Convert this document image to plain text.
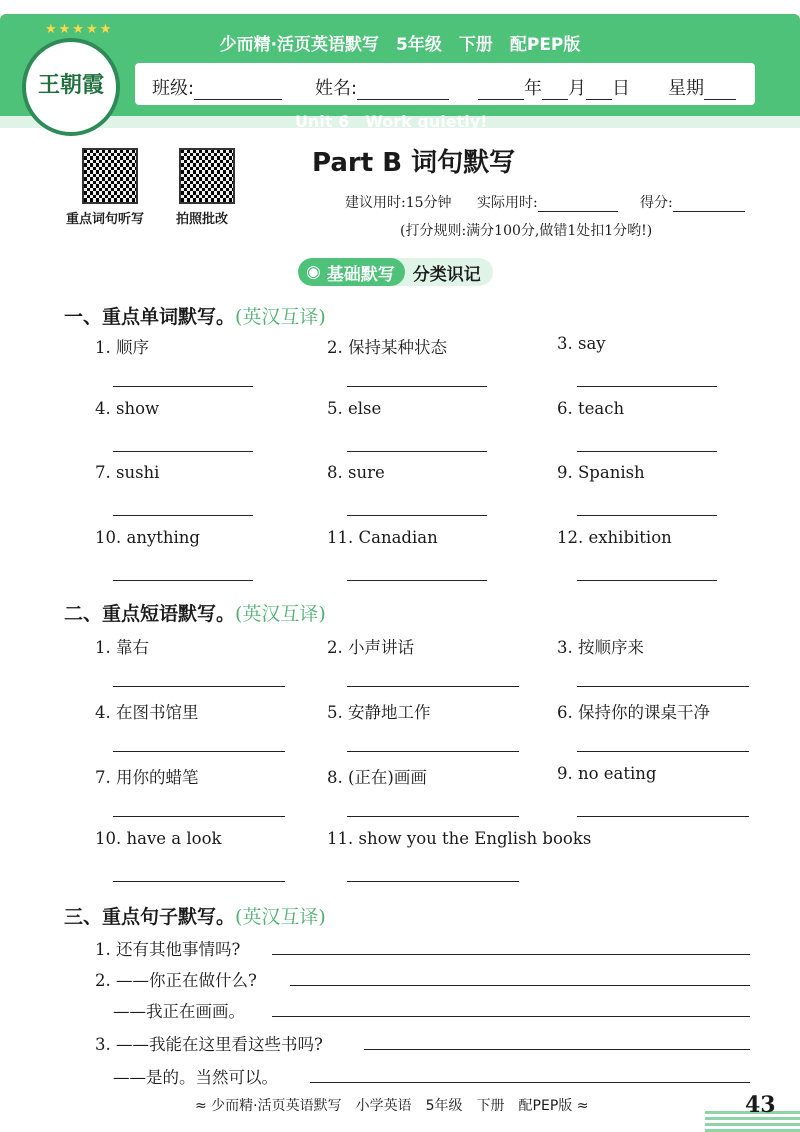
★★★★★
王朝霞
少而精·活页英语默写　5年级　下册　配PEP版
班级:	姓名:	年 月 日 星期
Unit 6　Work quietly!
重点词句听写 拍照批改
Part B 词句默写
建议用时:15分钟 实际用时:	得分:
(打分规则:满分100分,做错1处扣1分哟!)
◉ 基础默写	分类识记
一、重点单词默写。(英汉互译)
1. 顺序	2. 保持某种状态	3. say
4. show	5. else	6. teach
7. sushi	8. sure	9. Spanish
10. anything	11. Canadian	12. exhibition
二、重点短语默写。(英汉互译)
1. 靠右	2. 小声讲话	3. 按顺序来
4. 在图书馆里	5. 安静地工作	6. 保持你的课桌干净
7. 用你的蜡笔	8. (正在)画画	9. no eating
10. have a look	11. show you the English books
三、重点句子默写。(英汉互译)
1. 还有其他事情吗?
2. ——你正在做什么?
——我正在画画。
3. ——我能在这里看这些书吗?
——是的。当然可以。
≈ 少而精·活页英语默写　小学英语　5年级　下册　配PEP版 ≈	43
